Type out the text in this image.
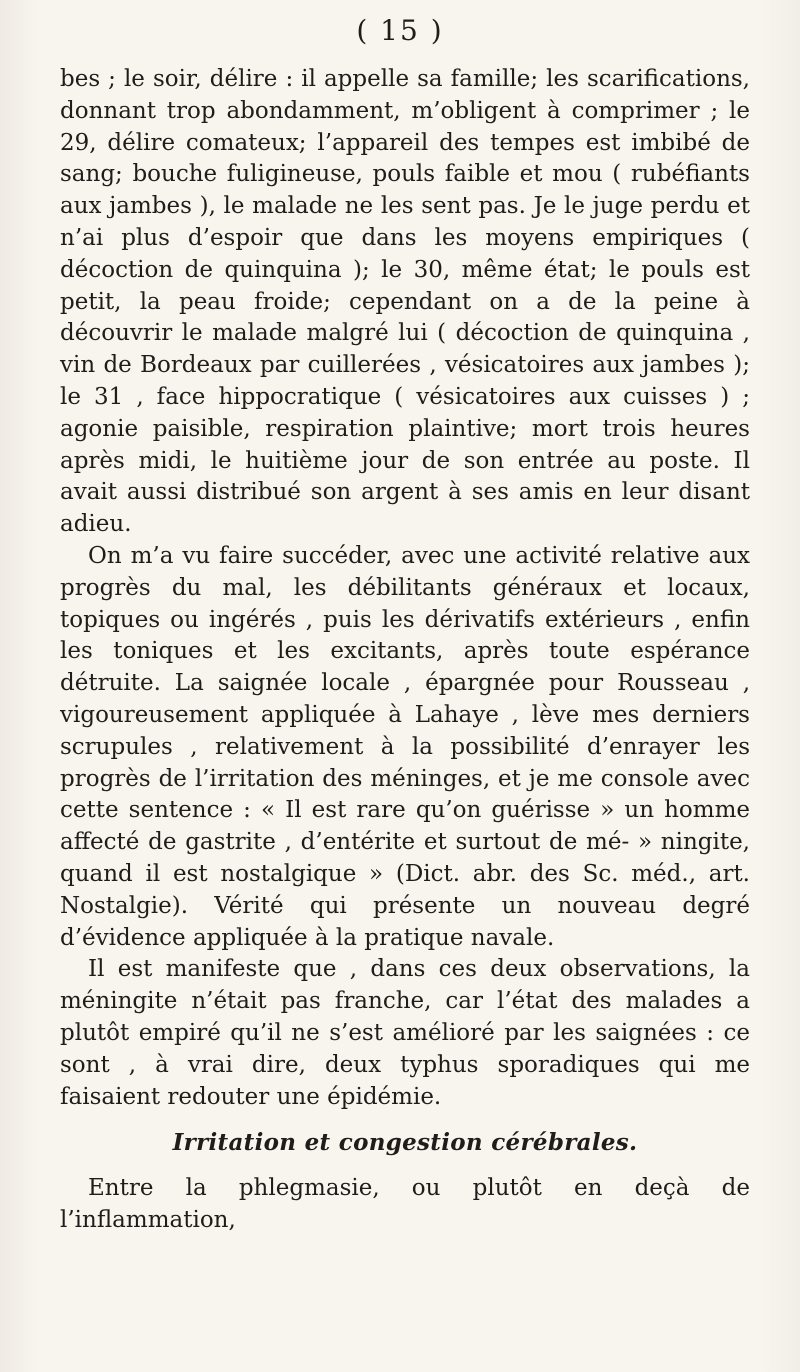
( 15 )

bes ; le soir, délire : il appelle sa famille; les scarifications, donnant trop abondamment, m’obligent à comprimer ; le 29, délire comateux; l’appareil des tempes est imbibé de sang; bouche fuligineuse, pouls faible et mou ( rubéfiants aux jambes ), le malade ne les sent pas. Je le juge perdu et n’ai plus d’espoir que dans les moyens empiriques ( décoction de quinquina ); le 30, même état; le pouls est petit, la peau froide; cependant on a de la peine à découvrir le malade malgré lui ( décoction de quinquina , vin de Bordeaux par cuillerées , vésicatoires aux jambes ); le 31 , face hippocratique ( vésicatoires aux cuisses ) ; agonie paisible, respiration plaintive; mort trois heures après midi, le huitième jour de son entrée au poste. Il avait aussi distribué son argent à ses amis en leur disant adieu.

On m’a vu faire succéder, avec une activité relative aux progrès du mal, les débilitants généraux et locaux, topiques ou ingérés , puis les dérivatifs extérieurs , enfin les toniques et les excitants, après toute espérance détruite. La saignée locale , épargnée pour Rousseau , vigoureusement appliquée à Lahaye , lève mes derniers scrupules , relativement à la possibilité d’enrayer les progrès de l’irritation des méninges, et je me console avec cette sentence : « Il est rare qu’on guérisse » un homme affecté de gastrite , d’entérite et surtout de mé- » ningite, quand il est nostalgique » (Dict. abr. des Sc. méd., art. Nostalgie). Vérité qui présente un nouveau degré d’évidence appliquée à la pratique navale.

Il est manifeste que , dans ces deux observations, la méningite n’était pas franche, car l’état des malades a plutôt empiré qu’il ne s’est amélioré par les saignées : ce sont , à vrai dire, deux typhus sporadiques qui me faisaient redouter une épidémie.

Irritation et congestion cérébrales.

Entre la phlegmasie, ou plutôt en deçà de l’inflammation,
